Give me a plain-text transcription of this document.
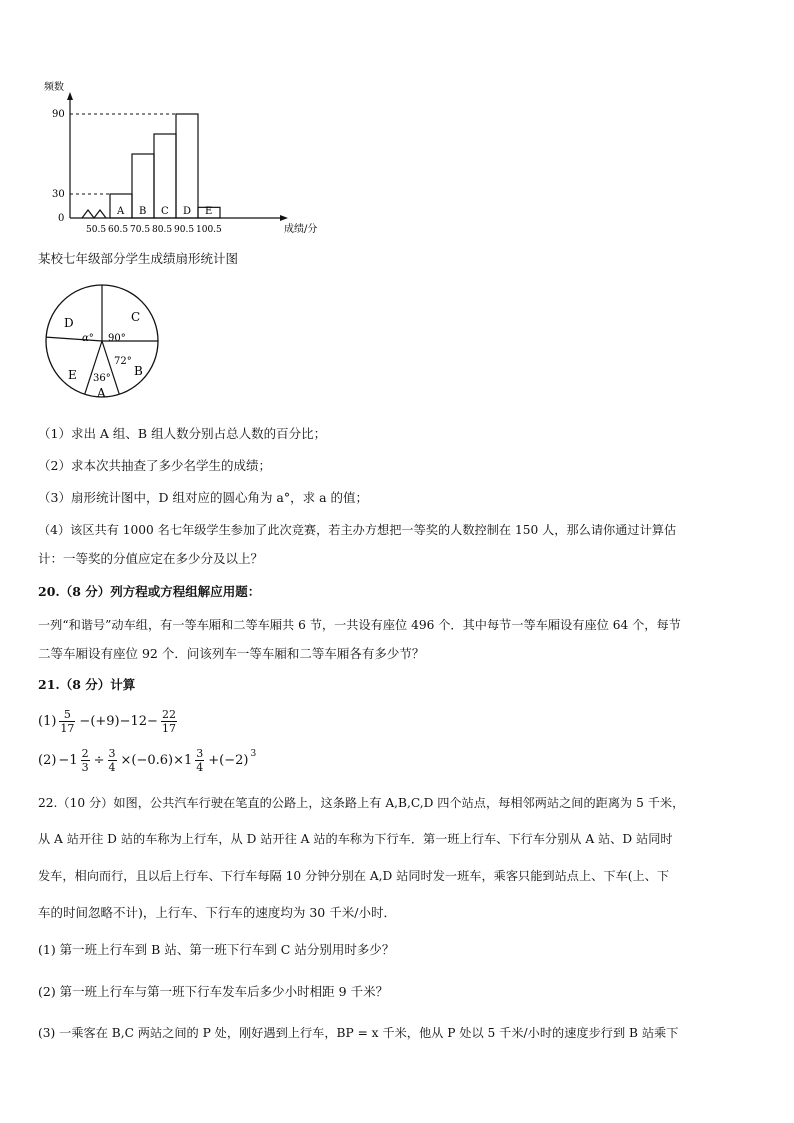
频数
90
30
0
A B C D E
50.5 60.5 70.5 80.5 90.5 100.5	成绩/分
某校七年级部分学生成绩扇形统计图
D	C
B
E
A
α° 90°
72°
36°
（1）求出 A 组、B 组人数分别占总人数的百分比；
（2）求本次共抽查了多少名学生的成绩；
（3）扇形统计图中，D 组对应的圆心角为 a°，求 a 的值；
（4）该区共有 1000 名七年级学生参加了此次竞赛，若主办方想把一等奖的人数控制在 150 人，那么请你通过计算估
计：一等奖的分值应定在多少分及以上？
20.（8 分）列方程或方程组解应用题：
一列“和谐号”动车组，有一等车厢和二等车厢共 6 节，一共设有座位 496 个．其中每节一等车厢设有座位 64 个，每节
二等车厢设有座位 92 个．问该列车一等车厢和二等车厢各有多少节？
21.（8 分）计算
$(1) \frac{5}{17} -(+9)-12- \frac{22}{17}$
$(2) -1 \frac{2}{3} \div \frac{3}{4} \times(-0.6)\times 1 \frac{3}{4} +(-2)^3$
22.（10 分）如图，公共汽车行驶在笔直的公路上，这条路上有 A,B,C,D 四个站点，每相邻两站之间的距离为 5 千米，
从 A 站开往 D 站的车称为上行车，从 D 站开往 A 站的车称为下行车．第一班上行车、下行车分别从 A 站、D 站同时
发车，相向而行，且以后上行车、下行车每隔 10 分钟分别在 A,D 站同时发一班车，乘客只能到站点上、下车(上、下
车的时间忽略不计)，上行车、下行车的速度均为 30 千米/小时．
(1) 第一班上行车到 B 站、第一班下行车到 C 站分别用时多少？
(2) 第一班上行车与第一班下行车发车后多少小时相距 9 千米？
(3) 一乘客在 B,C 两站之间的 P 处，刚好遇到上行车，BP = x 千米，他从 P 处以 5 千米/小时的速度步行到 B 站乘下
